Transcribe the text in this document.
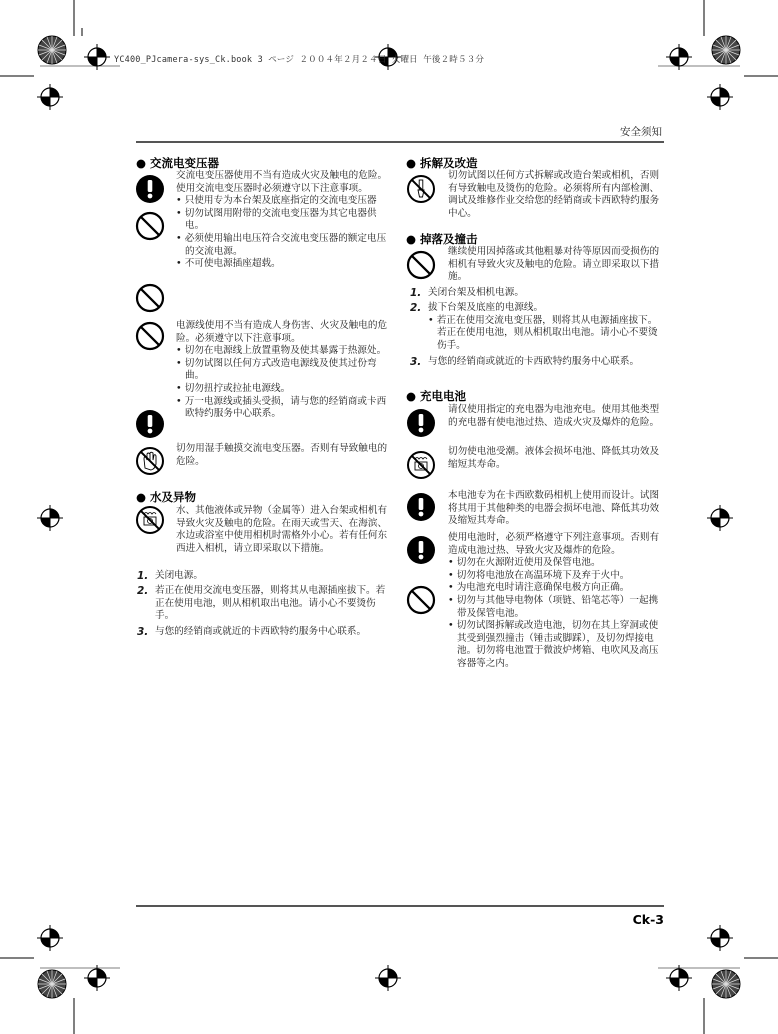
YC400_PJcamera-sys_Ck.book 3 ページ ２００４年２月２４日 火曜日 午後２時５３分
安全须知
● 交流电变压器
交流电变压器使用不当有造成火灾及触电的危险。使用交流电变压器时必须遵守以下注意事项。
• 只使用专为本台架及底座指定的交流电变压器
• 切勿试图用附带的交流电变压器为其它电器供电。
• 必须使用输出电压符合交流电变压器的额定电压的交流电源。
• 不可使电源插座超载。
电源线使用不当有造成人身伤害、火灾及触电的危险。必须遵守以下注意事项。
• 切勿在电源线上放置重物及使其暴露于热源处。
• 切勿试图以任何方式改造电源线及使其过份弯曲。
• 切勿扭拧或拉扯电源线。
• 万一电源线或插头受损，请与您的经销商或卡西欧特约服务中心联系。
切勿用湿手触摸交流电变压器。否则有导致触电的危险。
● 水及异物
水、其他液体或异物（金属等）进入台架或相机有导致火灾及触电的危险。在雨天或雪天、在海滨、水边或浴室中使用相机时需格外小心。若有任何东西进入相机，请立即采取以下措施。
1. 关闭电源。
2. 若正在使用交流电变压器，则将其从电源插座拔下。若正在使用电池，则从相机取出电池。请小心不要烫伤手。
3. 与您的经销商或就近的卡西欧特约服务中心联系。
● 拆解及改造
切勿试图以任何方式拆解或改造台架或相机，否则有导致触电及烫伤的危险。必须将所有内部检测、调试及维修作业交给您的经销商或卡西欧特约服务中心。
● 掉落及撞击
继续使用因掉落或其他粗暴对待等原因而受损伤的相机有导致火灾及触电的危险。请立即采取以下措施。
1. 关闭台架及相机电源。
2. 拔下台架及底座的电源线。
• 若正在使用交流电变压器，则将其从电源插座拔下。若正在使用电池，则从相机取出电池。请小心不要烫伤手。
3. 与您的经销商或就近的卡西欧特约服务中心联系。
● 充电电池
请仅使用指定的充电器为电池充电。使用其他类型的充电器有使电池过热、造成火灾及爆炸的危险。
切勿使电池受潮。液体会损坏电池、降低其功效及缩短其寿命。
本电池专为在卡西欧数码相机上使用而设计。试图将其用于其他种类的电器会损坏电池、降低其功效及缩短其寿命。
使用电池时，必须严格遵守下列注意事项。否则有造成电池过热、导致火灾及爆炸的危险。
• 切勿在火源附近使用及保管电池。
• 切勿将电池放在高温环境下及弃于火中。
• 为电池充电时请注意确保电极方向正确。
• 切勿与其他导电物体（项链、铅笔芯等）一起携带及保管电池。
• 切勿试图拆解或改造电池，切勿在其上穿洞或使其受到强烈撞击（锤击或脚踩），及切勿焊接电池。切勿将电池置于微波炉烤箱、电吹风及高压容器等之内。
Ck-3
